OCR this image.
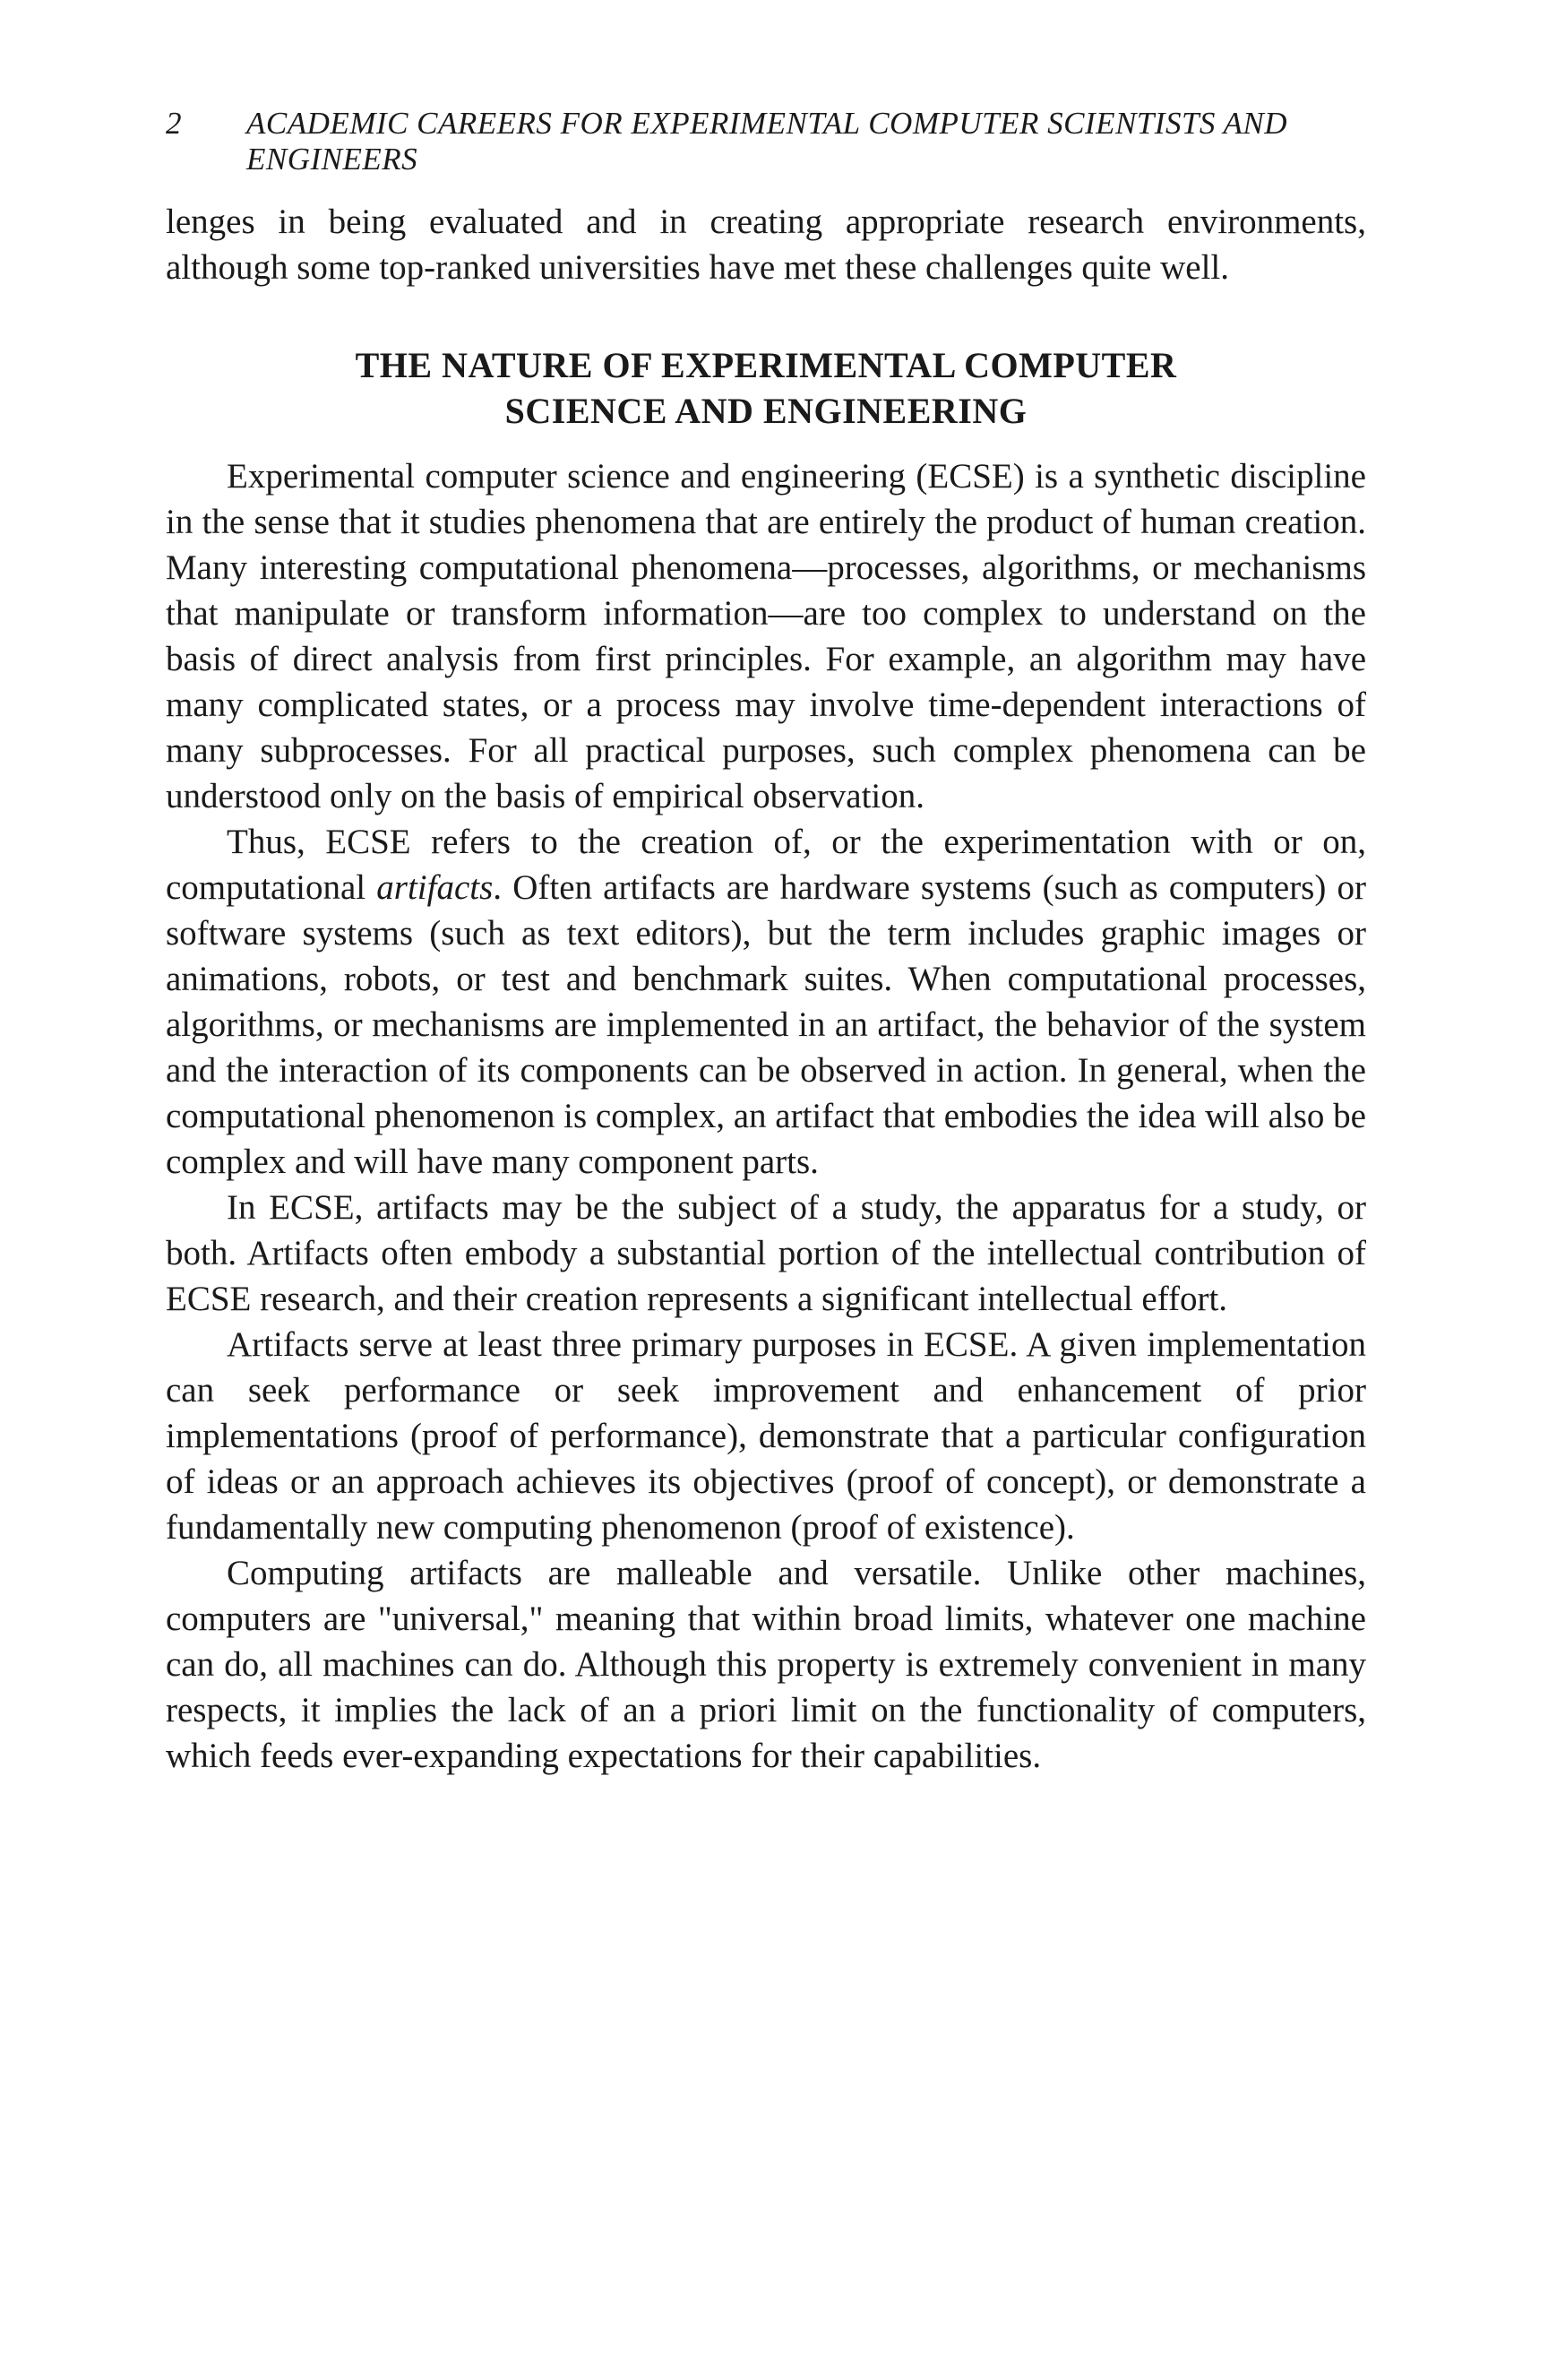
2	ACADEMIC CAREERS FOR EXPERIMENTAL COMPUTER SCIENTISTS AND ENGINEERS

lenges in being evaluated and in creating appropriate research environments, although some top-ranked universities have met these challenges quite well.

THE NATURE OF EXPERIMENTAL COMPUTER
SCIENCE AND ENGINEERING

Experimental computer science and engineering (ECSE) is a synthetic discipline in the sense that it studies phenomena that are entirely the product of human creation. Many interesting computational phenomena—processes, algorithms, or mechanisms that manipulate or transform information—are too complex to understand on the basis of direct analysis from first principles. For example, an algorithm may have many complicated states, or a process may involve time-dependent interactions of many subprocesses. For all practical purposes, such complex phenomena can be understood only on the basis of empirical observation.

Thus, ECSE refers to the creation of, or the experimentation with or on, computational artifacts. Often artifacts are hardware systems (such as computers) or software systems (such as text editors), but the term includes graphic images or animations, robots, or test and benchmark suites. When computational processes, algorithms, or mechanisms are implemented in an artifact, the behavior of the system and the interaction of its components can be observed in action. In general, when the computational phenomenon is complex, an artifact that embodies the idea will also be complex and will have many component parts.

In ECSE, artifacts may be the subject of a study, the apparatus for a study, or both. Artifacts often embody a substantial portion of the intellectual contribution of ECSE research, and their creation represents a significant intellectual effort.

Artifacts serve at least three primary purposes in ECSE. A given implementation can seek performance or seek improvement and enhancement of prior implementations (proof of performance), demonstrate that a particular configuration of ideas or an approach achieves its objectives (proof of concept), or demonstrate a fundamentally new computing phenomenon (proof of existence).

Computing artifacts are malleable and versatile. Unlike other machines, computers are "universal," meaning that within broad limits, whatever one machine can do, all machines can do. Although this property is extremely convenient in many respects, it implies the lack of an a priori limit on the functionality of computers, which feeds ever-expanding expectations for their capabilities.
